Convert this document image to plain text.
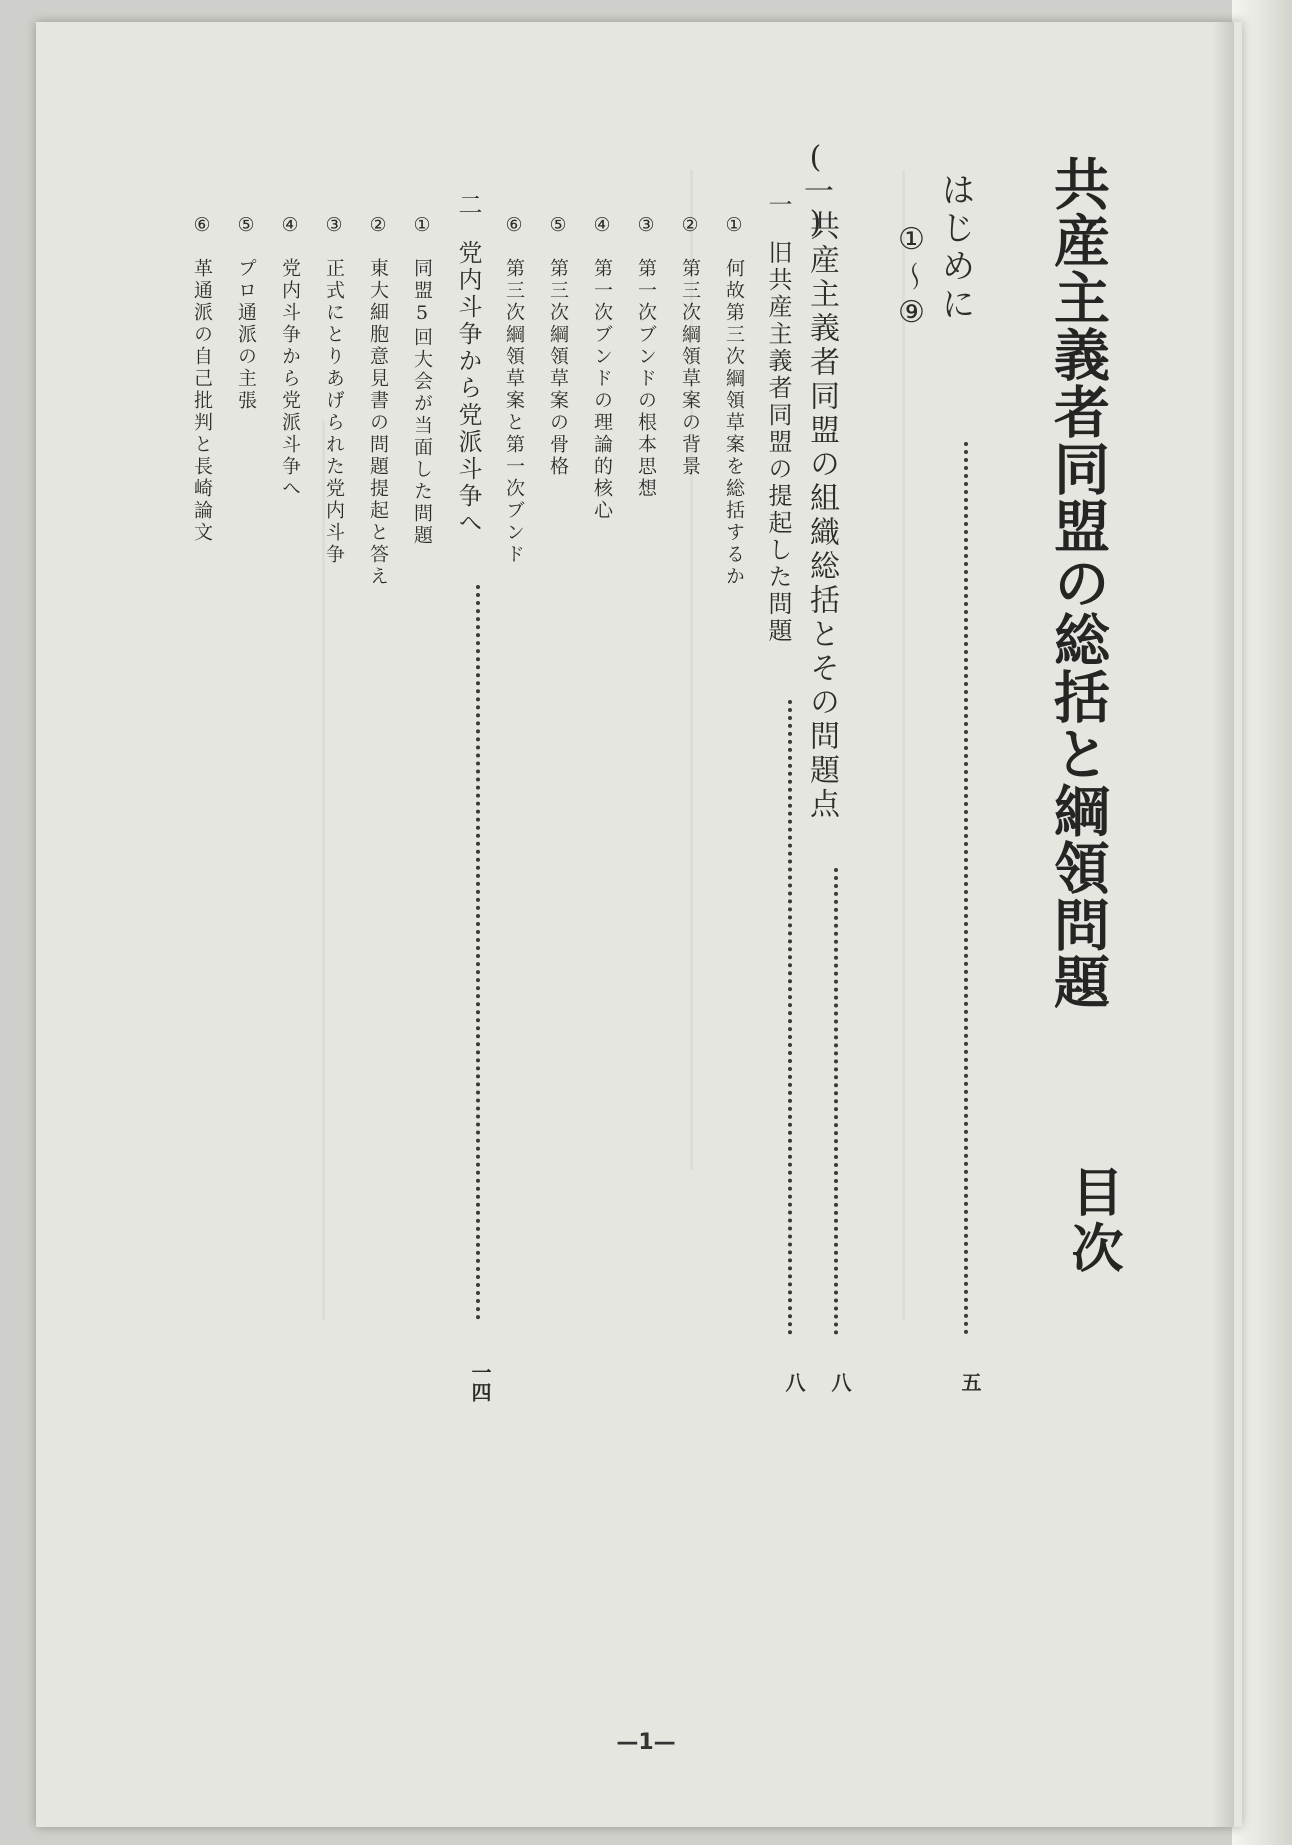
共産主義者同盟の総括と綱領問題
目次
はじめに
五
①〜⑨
(一)
共産主義者同盟の組織総括とその問題点
八
一
旧共産主義者同盟の提起した問題
八
①
何故第三次綱領草案を総括するか
②
第三次綱領草案の背景
③
第一次ブンドの根本思想
④
第一次ブンドの理論的核心
⑤
第三次綱領草案の骨格
⑥
第三次綱領草案と第一次ブンド
二
党内斗争から党派斗争へ
一四
①
同盟5回大会が当面した問題
②
東大細胞意見書の問題提起と答え
③
正式にとりあげられた党内斗争
④
党内斗争から党派斗争へ
⑤
プロ通派の主張
⑥
革通派の自己批判と長崎論文
—1—
